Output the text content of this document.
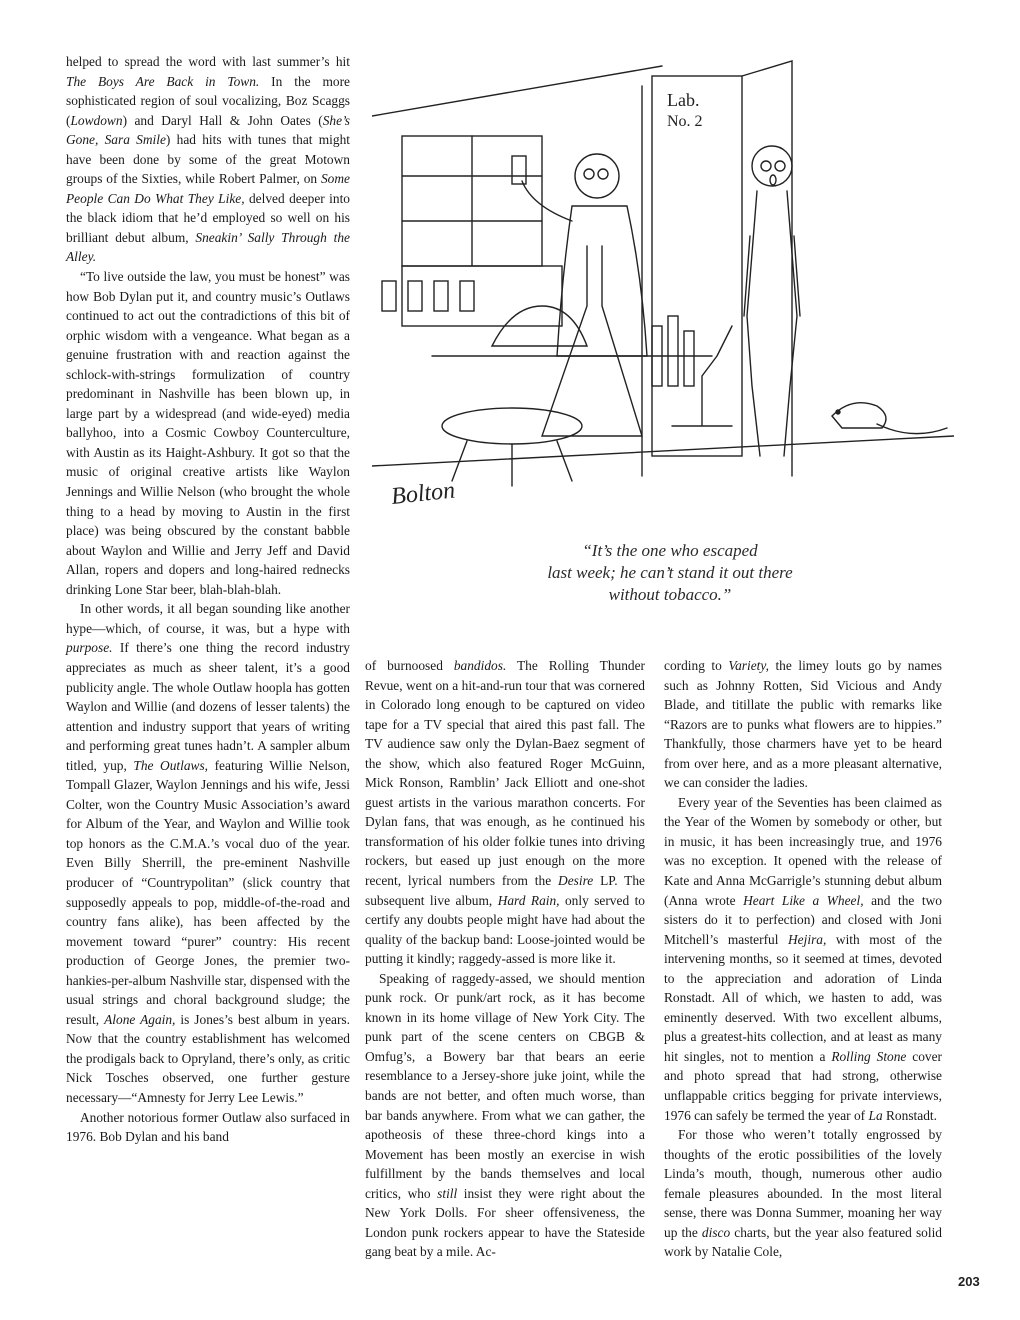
helped to spread the word with last summer’s hit The Boys Are Back in Town. In the more sophisticated region of soul vocalizing, Boz Scaggs (Lowdown) and Daryl Hall & John Oates (She’s Gone, Sara Smile) had hits with tunes that might have been done by some of the great Motown groups of the Sixties, while Robert Palmer, on Some People Can Do What They Like, delved deeper into the black idiom that he’d employed so well on his brilliant debut album, Sneakin’ Sally Through the Alley.

“To live outside the law, you must be honest” was how Bob Dylan put it, and country music’s Outlaws continued to act out the contradictions of this bit of orphic wisdom with a vengeance. What began as a genuine frustration with and reaction against the schlock-with-strings formulization of country predominant in Nashville has been blown up, in large part by a widespread (and wide-eyed) media ballyhoo, into a Cosmic Cowboy Counterculture, with Austin as its Haight-Ashbury. It got so that the music of original creative artists like Waylon Jennings and Willie Nelson (who brought the whole thing to a head by moving to Austin in the first place) was being obscured by the constant babble about Waylon and Willie and Jerry Jeff and David Allan, ropers and dopers and long-haired rednecks drinking Lone Star beer, blah-blah-blah.

In other words, it all began sounding like another hype—which, of course, it was, but a hype with purpose. If there’s one thing the record industry appreciates as much as sheer talent, it’s a good publicity angle. The whole Outlaw hoopla has gotten Waylon and Willie (and dozens of lesser talents) the attention and industry support that years of writing and performing great tunes hadn’t. A sampler album titled, yup, The Outlaws, featuring Willie Nelson, Tompall Glazer, Waylon Jennings and his wife, Jessi Colter, won the Country Music Association’s award for Album of the Year, and Waylon and Willie took top honors as the C.M.A.’s vocal duo of the year. Even Billy Sherrill, the pre-eminent Nashville producer of “Countrypolitan” (slick country that supposedly appeals to pop, middle-of-the-road and country fans alike), has been affected by the movement toward “purer” country: His recent production of George Jones, the premier two-hankies-per-album Nashville star, dispensed with the usual strings and choral background sludge; the result, Alone Again, is Jones’s best album in years. Now that the country establishment has welcomed the prodigals back to Opryland, there’s only, as critic Nick Tosches observed, one further gesture necessary—“Amnesty for Jerry Lee Lewis.”

Another notorious former Outlaw also surfaced in 1976. Bob Dylan and his band

Lab.
No. 2
Bolton
“It’s the one who escaped
last week; he can’t stand it out there
without tobacco.”

of burnoosed bandidos. The Rolling Thunder Revue, went on a hit-and-run tour that was cornered in Colorado long enough to be captured on video tape for a TV special that aired this past fall. The TV audience saw only the Dylan-Baez segment of the show, which also featured Roger McGuinn, Mick Ronson, Ramblin’ Jack Elliott and one-shot guest artists in the various marathon concerts. For Dylan fans, that was enough, as he continued his transformation of his older folkie tunes into driving rockers, but eased up just enough on the more recent, lyrical numbers from the Desire LP. The subsequent live album, Hard Rain, only served to certify any doubts people might have had about the quality of the backup band: Loose-jointed would be putting it kindly; raggedy-assed is more like it.

Speaking of raggedy-assed, we should mention punk rock. Or punk/art rock, as it has become known in its home village of New York City. The punk part of the scene centers on CBGB & Omfug’s, a Bowery bar that bears an eerie resemblance to a Jersey-shore juke joint, while the bands are not better, and often much worse, than bar bands anywhere. From what we can gather, the apotheosis of these three-chord kings into a Movement has been mostly an exercise in wish fulfillment by the bands themselves and local critics, who still insist they were right about the New York Dolls. For sheer offensiveness, the London punk rockers appear to have the Stateside gang beat by a mile. Ac-

cording to Variety, the limey louts go by names such as Johnny Rotten, Sid Vicious and Andy Blade, and titillate the public with remarks like “Razors are to punks what flowers are to hippies.” Thankfully, those charmers have yet to be heard from over here, and as a more pleasant alternative, we can consider the ladies.

Every year of the Seventies has been claimed as the Year of the Women by somebody or other, but in music, it has been increasingly true, and 1976 was no exception. It opened with the release of Kate and Anna McGarrigle’s stunning debut album (Anna wrote Heart Like a Wheel, and the two sisters do it to perfection) and closed with Joni Mitchell’s masterful Hejira, with most of the intervening months, so it seemed at times, devoted to the appreciation and adoration of Linda Ronstadt. All of which, we hasten to add, was eminently deserved. With two excellent albums, plus a greatest-hits collection, and at least as many hit singles, not to mention a Rolling Stone cover and photo spread that had strong, otherwise unflappable critics begging for private interviews, 1976 can safely be termed the year of La Ronstadt.

For those who weren’t totally engrossed by thoughts of the erotic possibilities of the lovely Linda’s mouth, though, numerous other audio female pleasures abounded. In the most literal sense, there was Donna Summer, moaning her way up the disco charts, but the year also featured solid work by Natalie Cole,

203
